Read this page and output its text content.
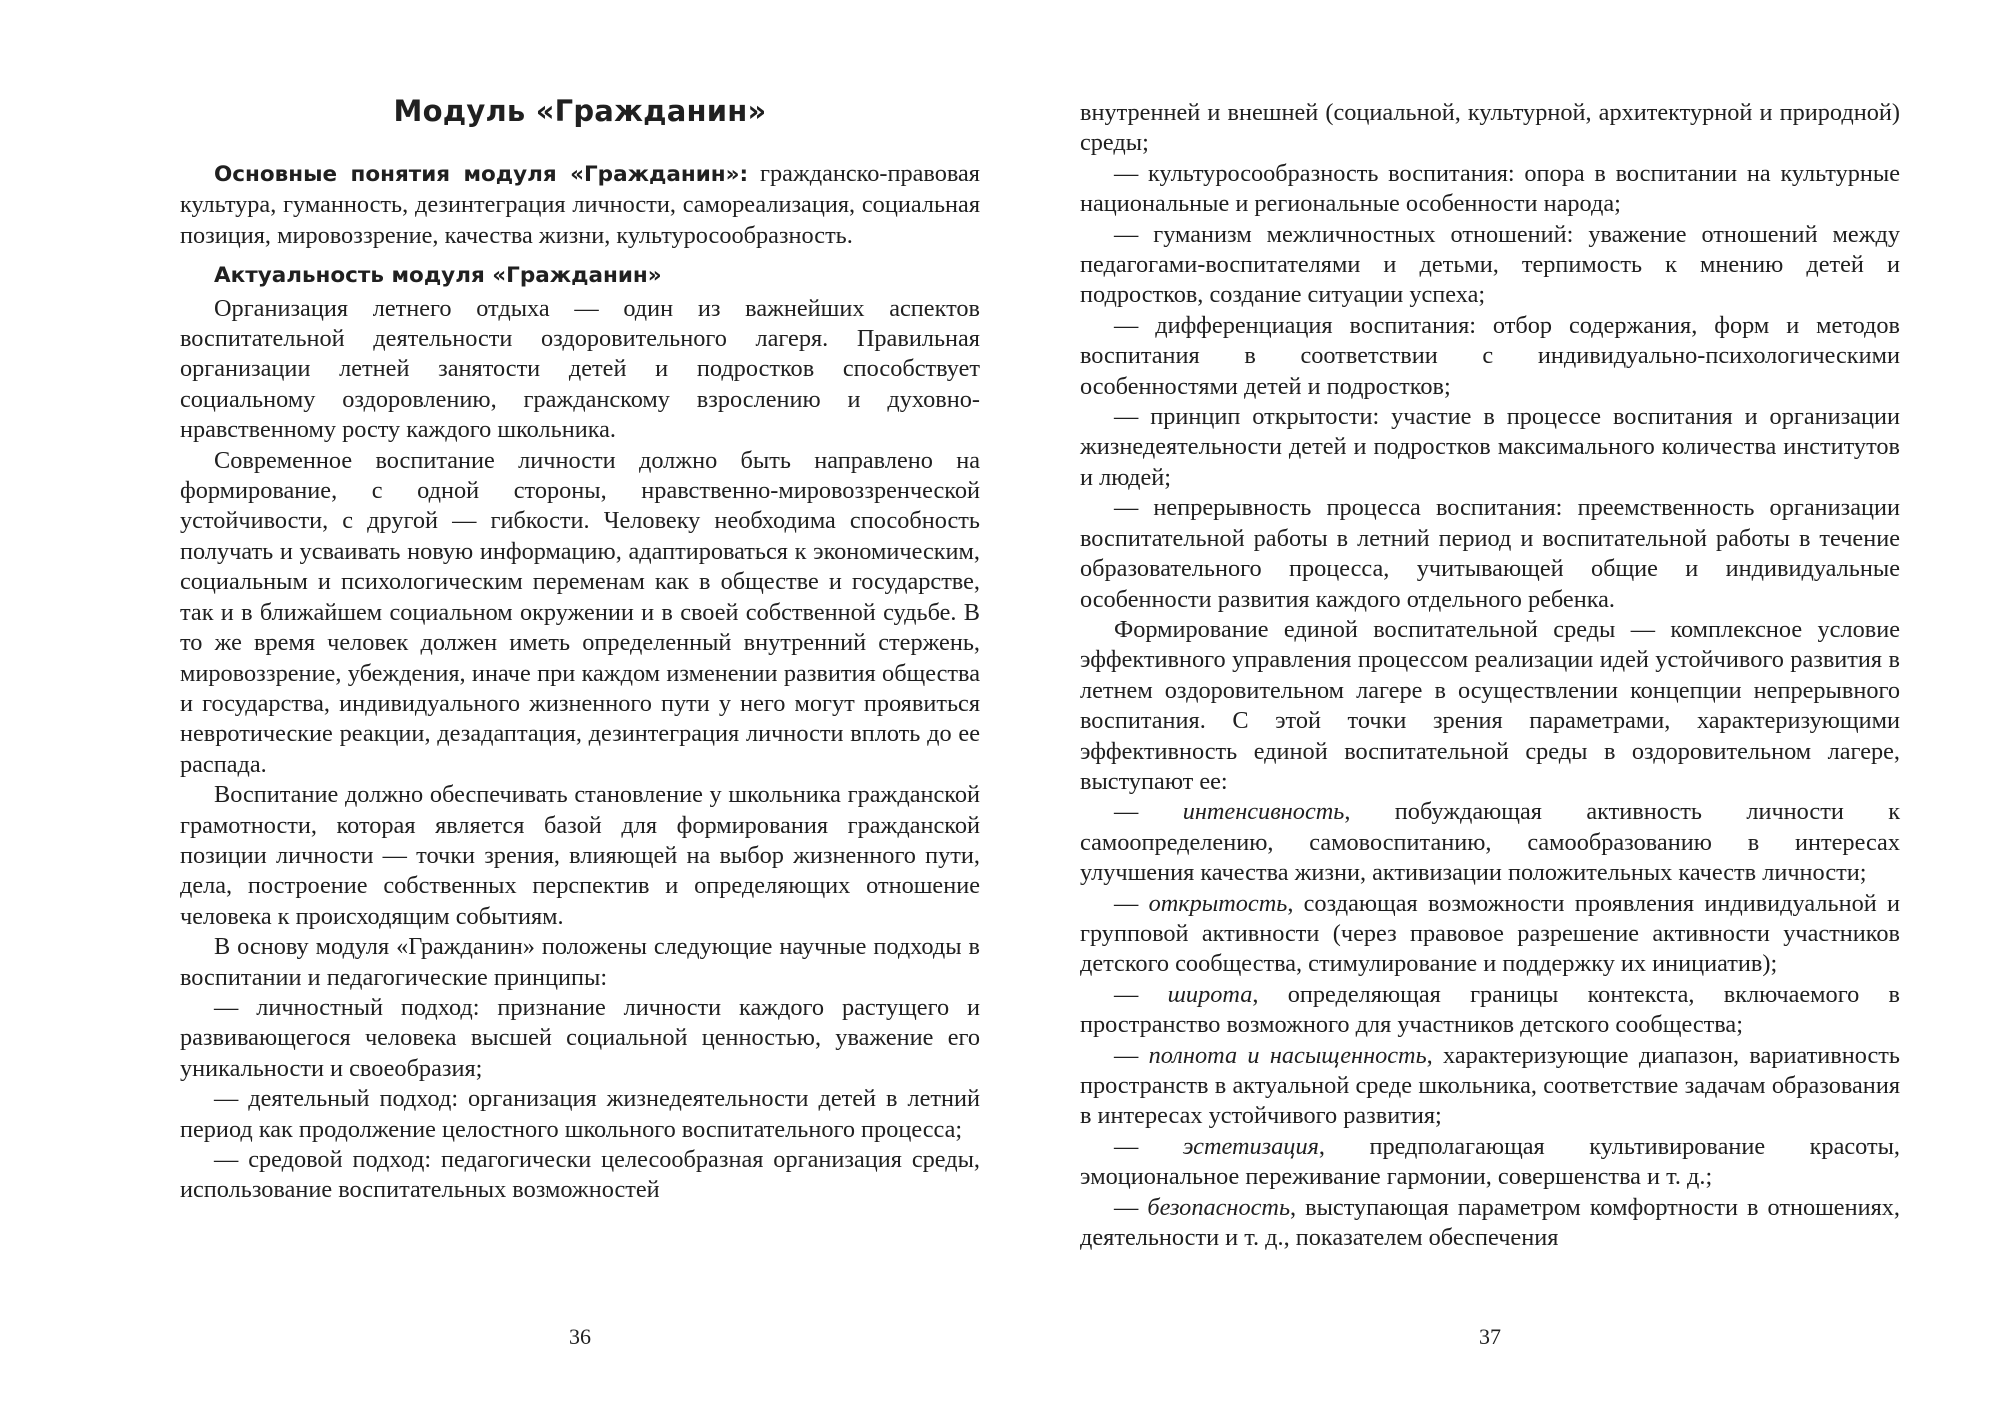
Модуль «Гражданин»

Основные понятия модуля «Гражданин»: гражданско-правовая культура, гуманность, дезинтеграция личности, самореализация, социальная позиция, мировоззрение, качества жизни, культуросообразность.

Актуальность модуля «Гражданин»

Организация летнего отдыха — один из важнейших аспектов воспитательной деятельности оздоровительного лагеря. Правильная организации летней занятости детей и подростков способствует социальному оздоровлению, гражданскому взрослению и духовно-нравственному росту каждого школьника.

Современное воспитание личности должно быть направлено на формирование, с одной стороны, нравственно-мировоззренческой устойчивости, с другой — гибкости. Человеку необходима способность получать и усваивать новую информацию, адаптироваться к экономическим, социальным и психологическим переменам как в обществе и государстве, так и в ближайшем социальном окружении и в своей собственной судьбе. В то же время человек должен иметь определенный внутренний стержень, мировоззрение, убеждения, иначе при каждом изменении развития общества и государства, индивидуального жизненного пути у него могут проявиться невротические реакции, дезадаптация, дезинтеграция личности вплоть до ее распада.

Воспитание должно обеспечивать становление у школьника гражданской грамотности, которая является базой для формирования гражданской позиции личности — точки зрения, влияющей на выбор жизненного пути, дела, построение собственных перспектив и определяющих отношение человека к происходящим событиям.

В основу модуля «Гражданин» положены следующие научные подходы в воспитании и педагогические принципы:

— личностный подход: признание личности каждого растущего и развивающегося человека высшей социальной ценностью, уважение его уникальности и своеобразия;

— деятельный подход: организация жизнедеятельности детей в летний период как продолжение целостного школьного воспитательного процесса;

— средовой подход: педагогически целесообразная организация среды, использование воспитательных возможностей

36

внутренней и внешней (социальной, культурной, архитектурной и природной) среды;

— культуросообразность воспитания: опора в воспитании на культурные национальные и региональные особенности народа;

— гуманизм межличностных отношений: уважение отношений между педагогами-воспитателями и детьми, терпимость к мнению детей и подростков, создание ситуации успеха;

— дифференциация воспитания: отбор содержания, форм и методов воспитания в соответствии с индивидуально-психологическими особенностями детей и подростков;

— принцип открытости: участие в процессе воспитания и организации жизнедеятельности детей и подростков максимального количества институтов и людей;

— непрерывность процесса воспитания: преемственность организации воспитательной работы в летний период и воспитательной работы в течение образовательного процесса, учитывающей общие и индивидуальные особенности развития каждого отдельного ребенка.

Формирование единой воспитательной среды — комплексное условие эффективного управления процессом реализации идей устойчивого развития в летнем оздоровительном лагере в осуществлении концепции непрерывного воспитания. С этой точки зрения параметрами, характеризующими эффективность единой воспитательной среды в оздоровительном лагере, выступают ее:

— интенсивность, побуждающая активность личности к самоопределению, самовоспитанию, самообразованию в интересах улучшения качества жизни, активизации положительных качеств личности;

— открытость, создающая возможности проявления индивидуальной и групповой активности (через правовое разрешение активности участников детского сообщества, стимулирование и поддержку их инициатив);

— широта, определяющая границы контекста, включаемого в пространство возможного для участников детского сообщества;

— полнота и насыщенность, характеризующие диапазон, вариативность пространств в актуальной среде школьника, соответствие задачам образования в интересах устойчивого развития;

— эстетизация, предполагающая культивирование красоты, эмоциональное переживание гармонии, совершенства и т. д.;

— безопасность, выступающая параметром комфортности в отношениях, деятельности и т. д., показателем обеспечения

37
